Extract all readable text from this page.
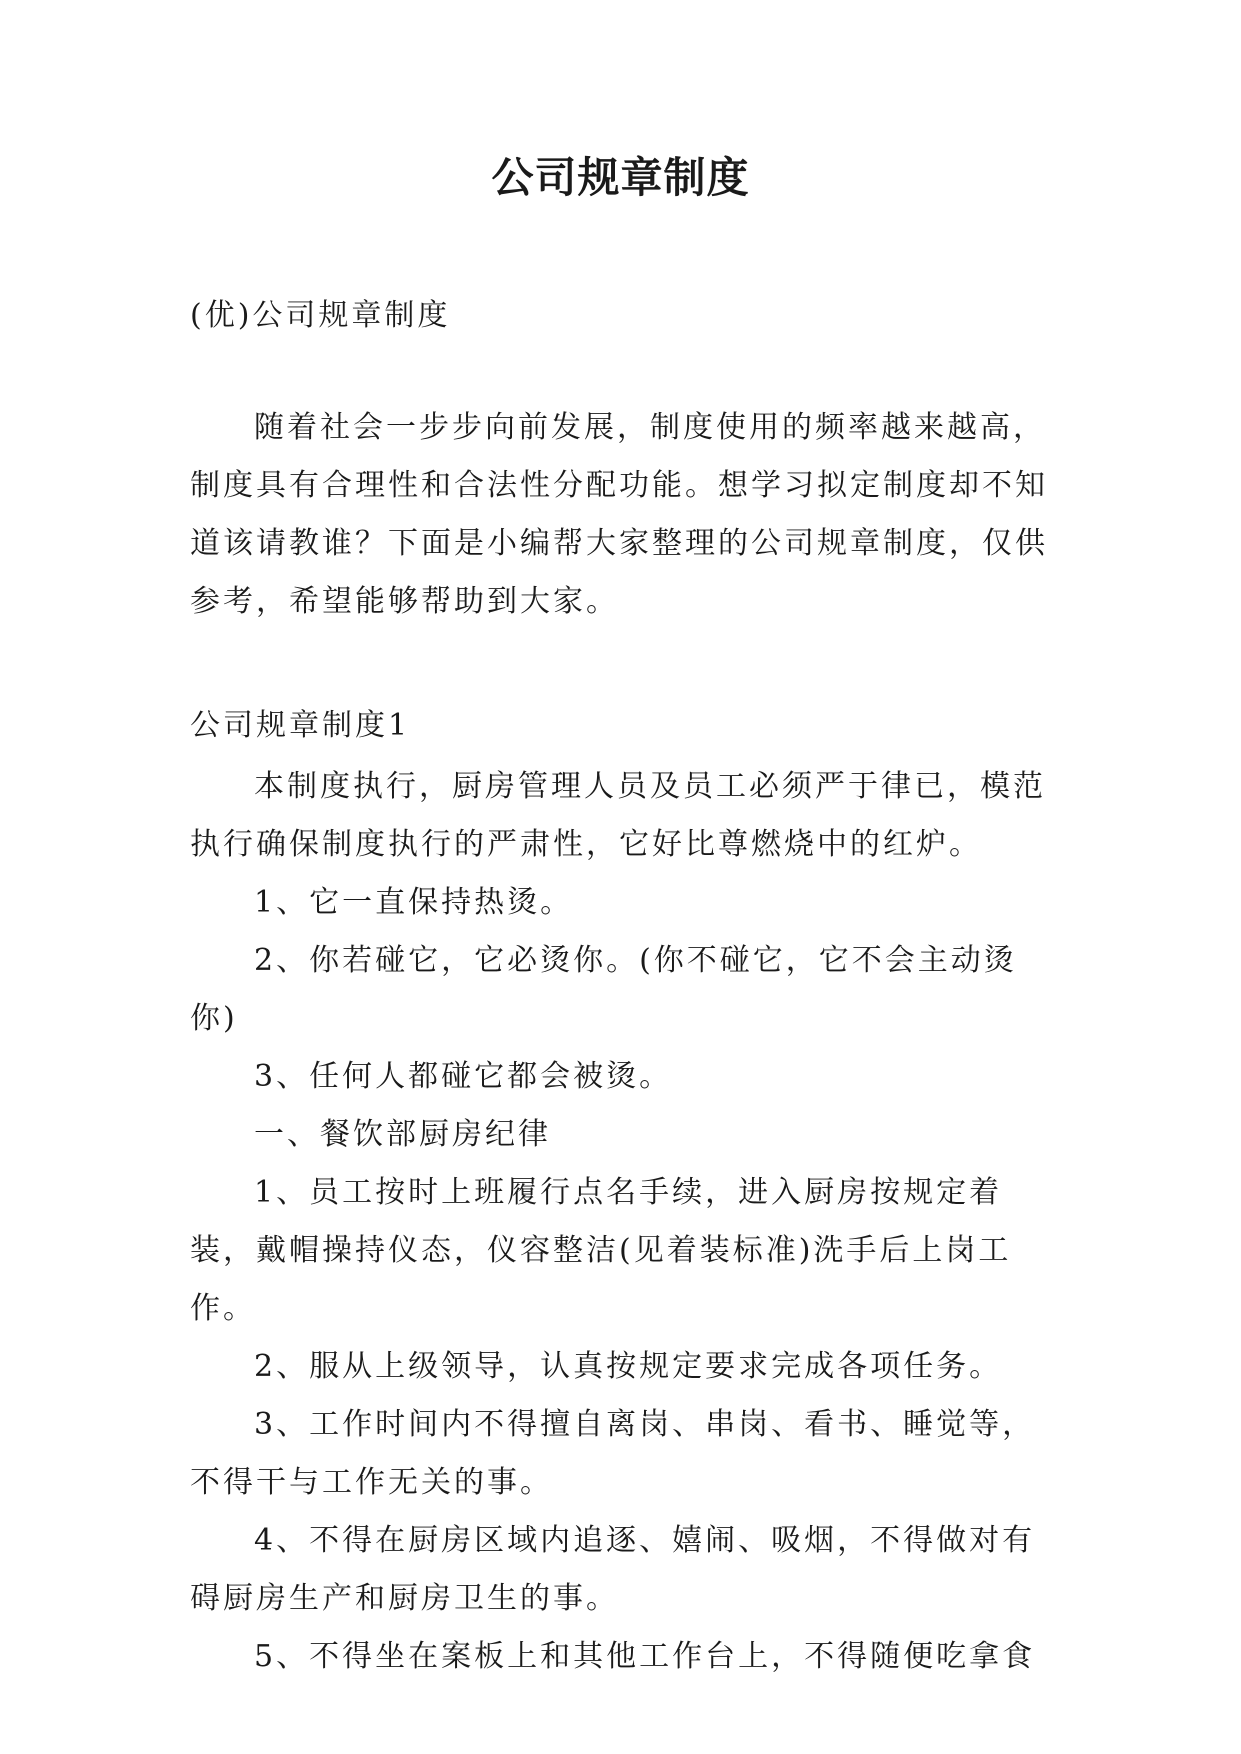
公司规章制度

(优)公司规章制度

随着社会一步步向前发展，制度使用的频率越来越高，制度具有合理性和合法性分配功能。想学习拟定制度却不知道该请教谁？下面是小编帮大家整理的公司规章制度，仅供参考，希望能够帮助到大家。

公司规章制度1

本制度执行，厨房管理人员及员工必须严于律已，模范执行确保制度执行的严肃性，它好比尊燃烧中的红炉。

1、它一直保持热烫。

2、你若碰它，它必烫你。(你不碰它，它不会主动烫你)

3、任何人都碰它都会被烫。

一、餐饮部厨房纪律

1、员工按时上班履行点名手续，进入厨房按规定着装，戴帽操持仪态，仪容整洁(见着装标准)洗手后上岗工作。

2、服从上级领导，认真按规定要求完成各项任务。

3、工作时间内不得擅自离岗、串岗、看书、睡觉等，不得干与工作无关的事。

4、不得在厨房区域内追逐、嬉闹、吸烟，不得做对有碍厨房生产和厨房卫生的事。

5、不得坐在案板上和其他工作台上，不得随便吃拿食
